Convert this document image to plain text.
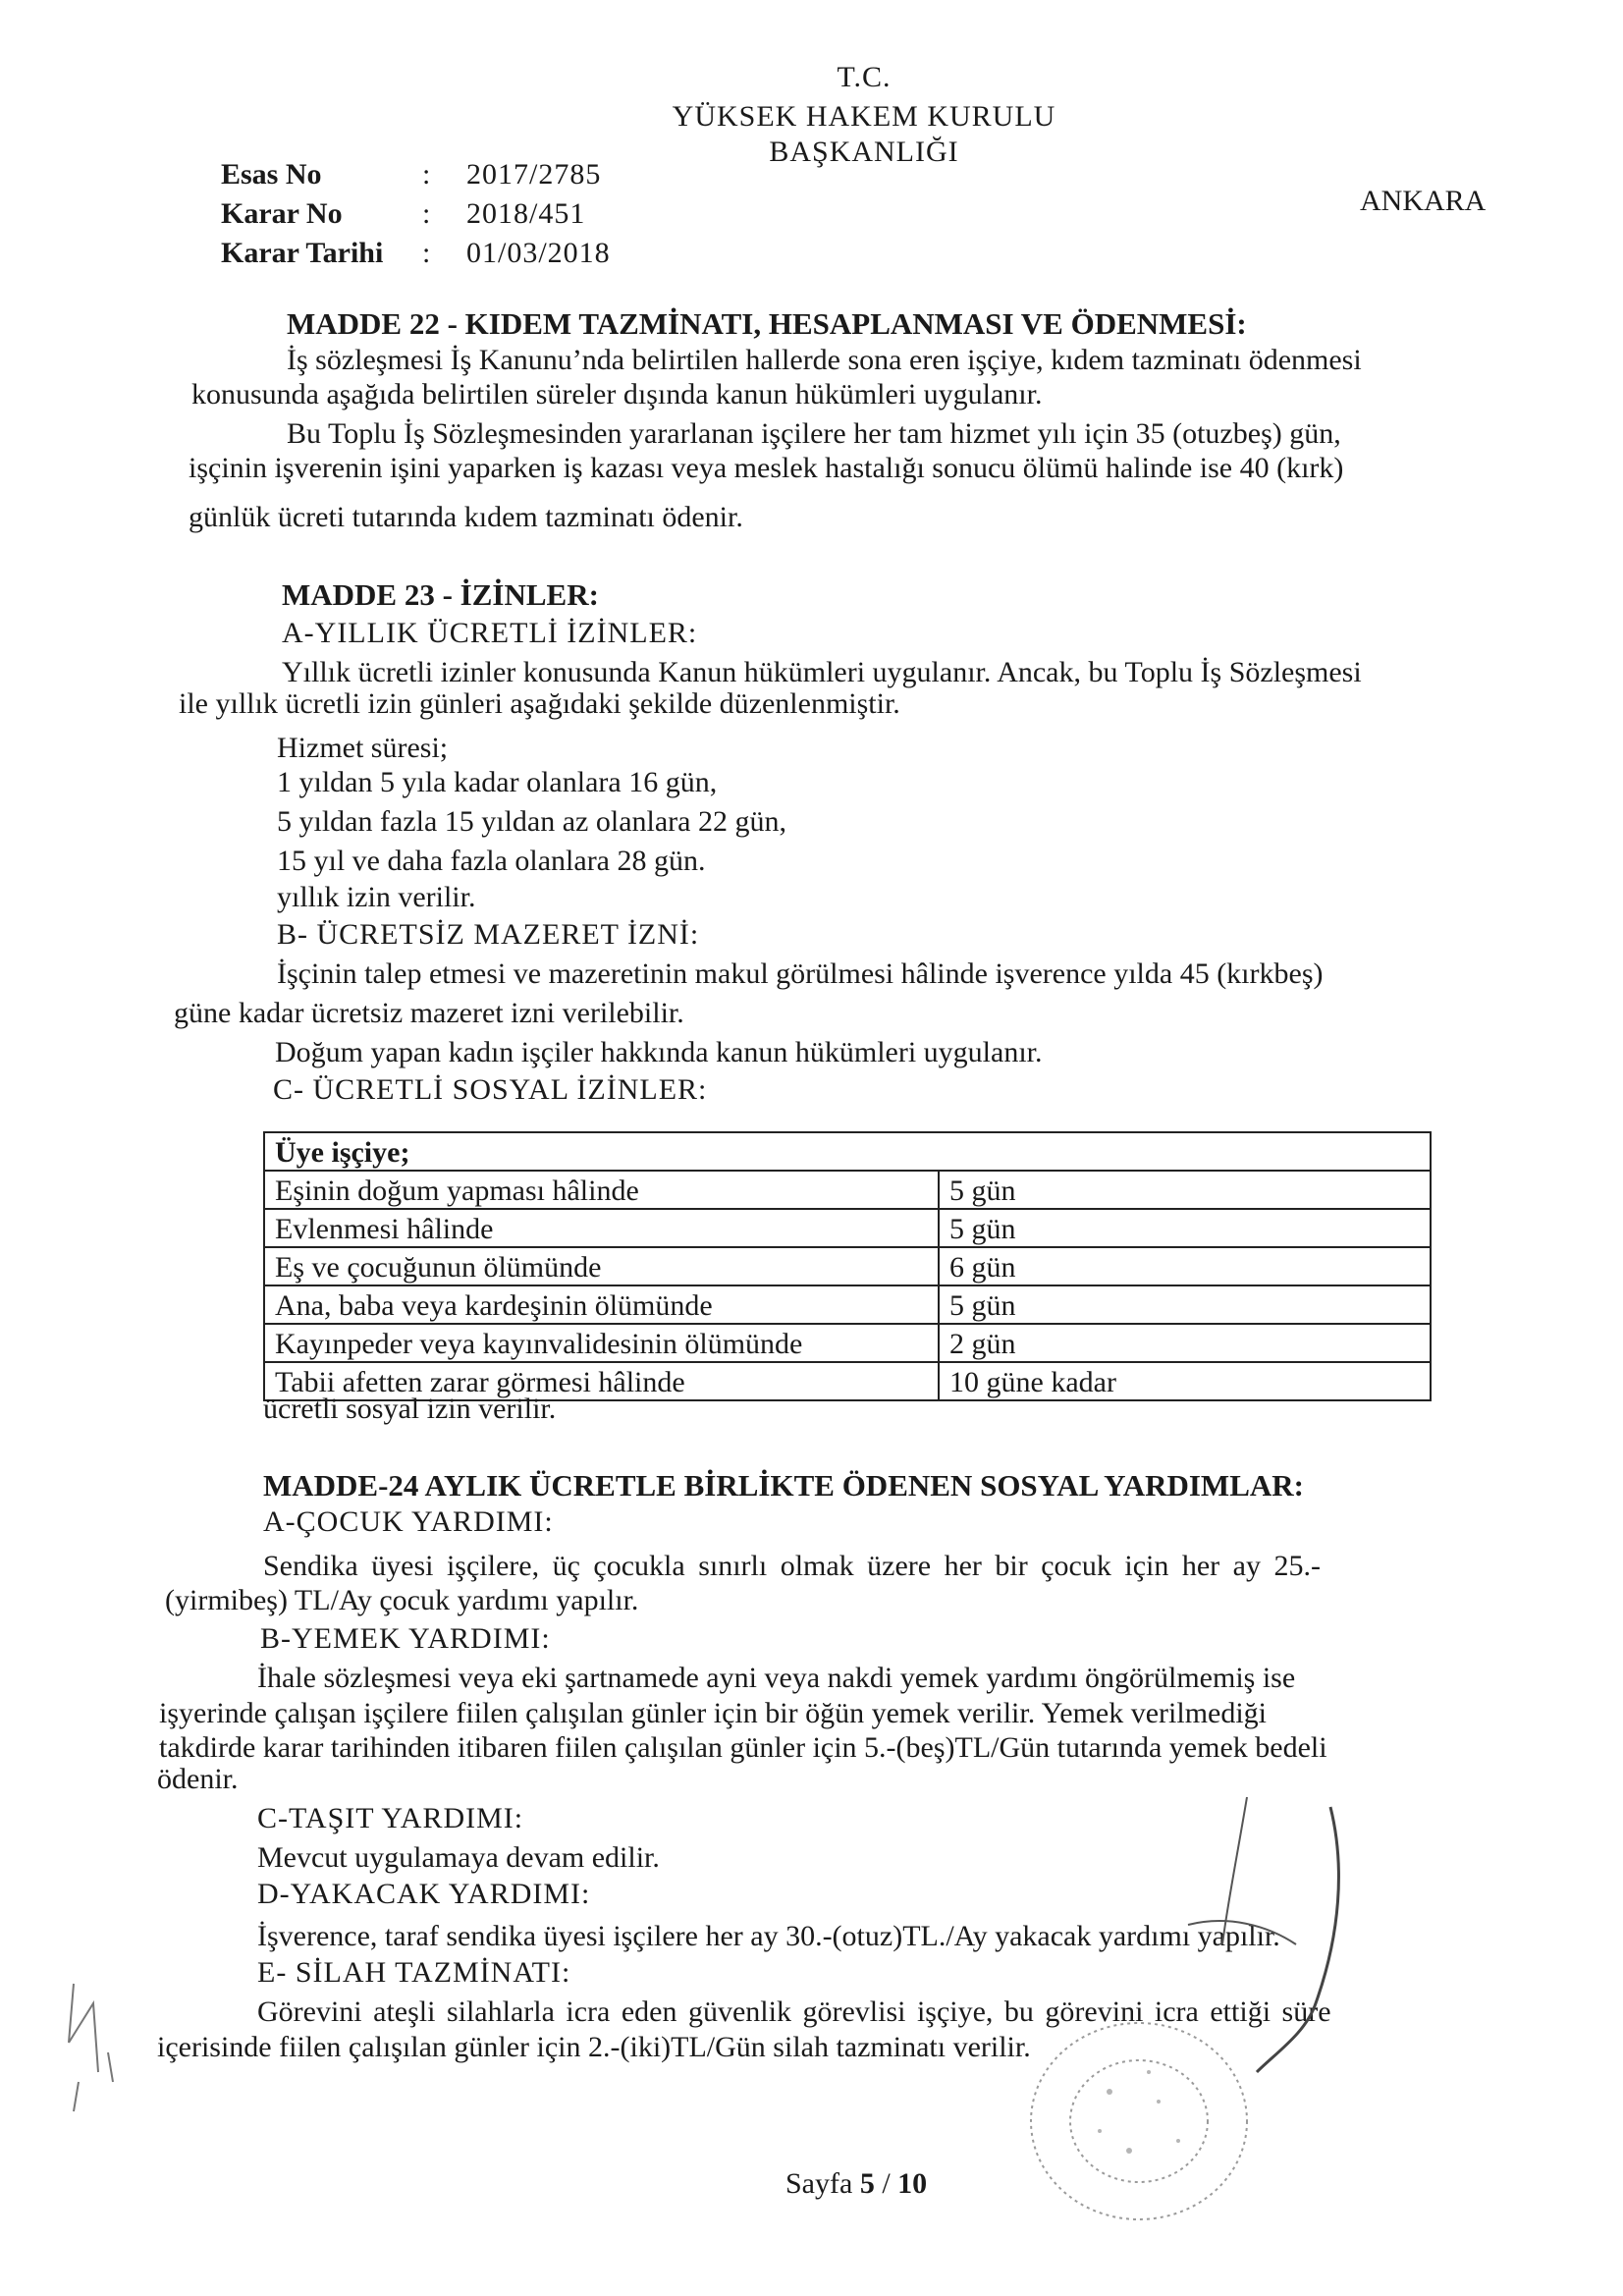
T.C.
YÜKSEK HAKEM KURULU
BAŞKANLIĞI
Esas No	:	2017/2785
Karar No	:	2018/451
Karar Tarihi	:	01/03/2018
ANKARA
MADDE 22 - KIDEM TAZMİNATI, HESAPLANMASI VE ÖDENMESİ:
İş sözleşmesi İş Kanunu’nda belirtilen hallerde sona eren işçiye, kıdem tazminatı ödenmesi
konusunda aşağıda belirtilen süreler dışında kanun hükümleri uygulanır.
Bu Toplu İş Sözleşmesinden yararlanan işçilere her tam hizmet yılı için 35 (otuzbeş) gün,
işçinin işverenin işini yaparken iş kazası veya meslek hastalığı sonucu ölümü halinde ise 40 (kırk)
günlük ücreti tutarında kıdem tazminatı ödenir.
MADDE 23 - İZİNLER:
A-YILLIK ÜCRETLİ İZİNLER:
Yıllık ücretli izinler konusunda Kanun hükümleri uygulanır. Ancak, bu Toplu İş Sözleşmesi
ile yıllık ücretli izin günleri aşağıdaki şekilde düzenlenmiştir.
Hizmet süresi;
1 yıldan 5 yıla kadar olanlara 16 gün,
5 yıldan fazla 15 yıldan az olanlara 22 gün,
15 yıl ve daha fazla olanlara 28 gün.
yıllık izin verilir.
B- ÜCRETSİZ MAZERET İZNİ:
İşçinin talep etmesi ve mazeretinin makul görülmesi hâlinde işverence yılda 45 (kırkbeş)
güne kadar ücretsiz mazeret izni verilebilir.
Doğum yapan kadın işçiler hakkında kanun hükümleri uygulanır.
C- ÜCRETLİ SOSYAL İZİNLER:
Üye işçiye;	
Eşinin doğum yapması hâlinde	5 gün
Evlenmesi hâlinde	5 gün
Eş ve çocuğunun ölümünde	6 gün
Ana, baba veya kardeşinin ölümünde	5 gün
Kayınpeder veya kayınvalidesinin ölümünde	2 gün
Tabii afetten zarar görmesi hâlinde	10 güne kadar
ücretli sosyal izin verilir.
MADDE-24 AYLIK ÜCRETLE BİRLİKTE ÖDENEN SOSYAL YARDIMLAR:
A-ÇOCUK YARDIMI:
Sendika üyesi işçilere, üç çocukla sınırlı olmak üzere her bir çocuk için her ay 25.-
(yirmibeş) TL/Ay çocuk yardımı yapılır.
B-YEMEK YARDIMI:
İhale sözleşmesi veya eki şartnamede ayni veya nakdi yemek yardımı öngörülmemiş ise
işyerinde çalışan işçilere fiilen çalışılan günler için bir öğün yemek verilir. Yemek verilmediği
takdirde karar tarihinden itibaren fiilen çalışılan günler için 5.-(beş)TL/Gün tutarında yemek bedeli
ödenir.
C-TAŞIT YARDIMI:
Mevcut uygulamaya devam edilir.
D-YAKACAK YARDIMI:
İşverence, taraf sendika üyesi işçilere her ay 30.-(otuz)TL./Ay yakacak yardımı yapılır.
E- SİLAH TAZMİNATI:
Görevini ateşli silahlarla icra eden güvenlik görevlisi işçiye, bu görevini icra ettiği süre
içerisinde fiilen çalışılan günler için 2.-(iki)TL/Gün silah tazminatı verilir.
Sayfa 5 / 10
